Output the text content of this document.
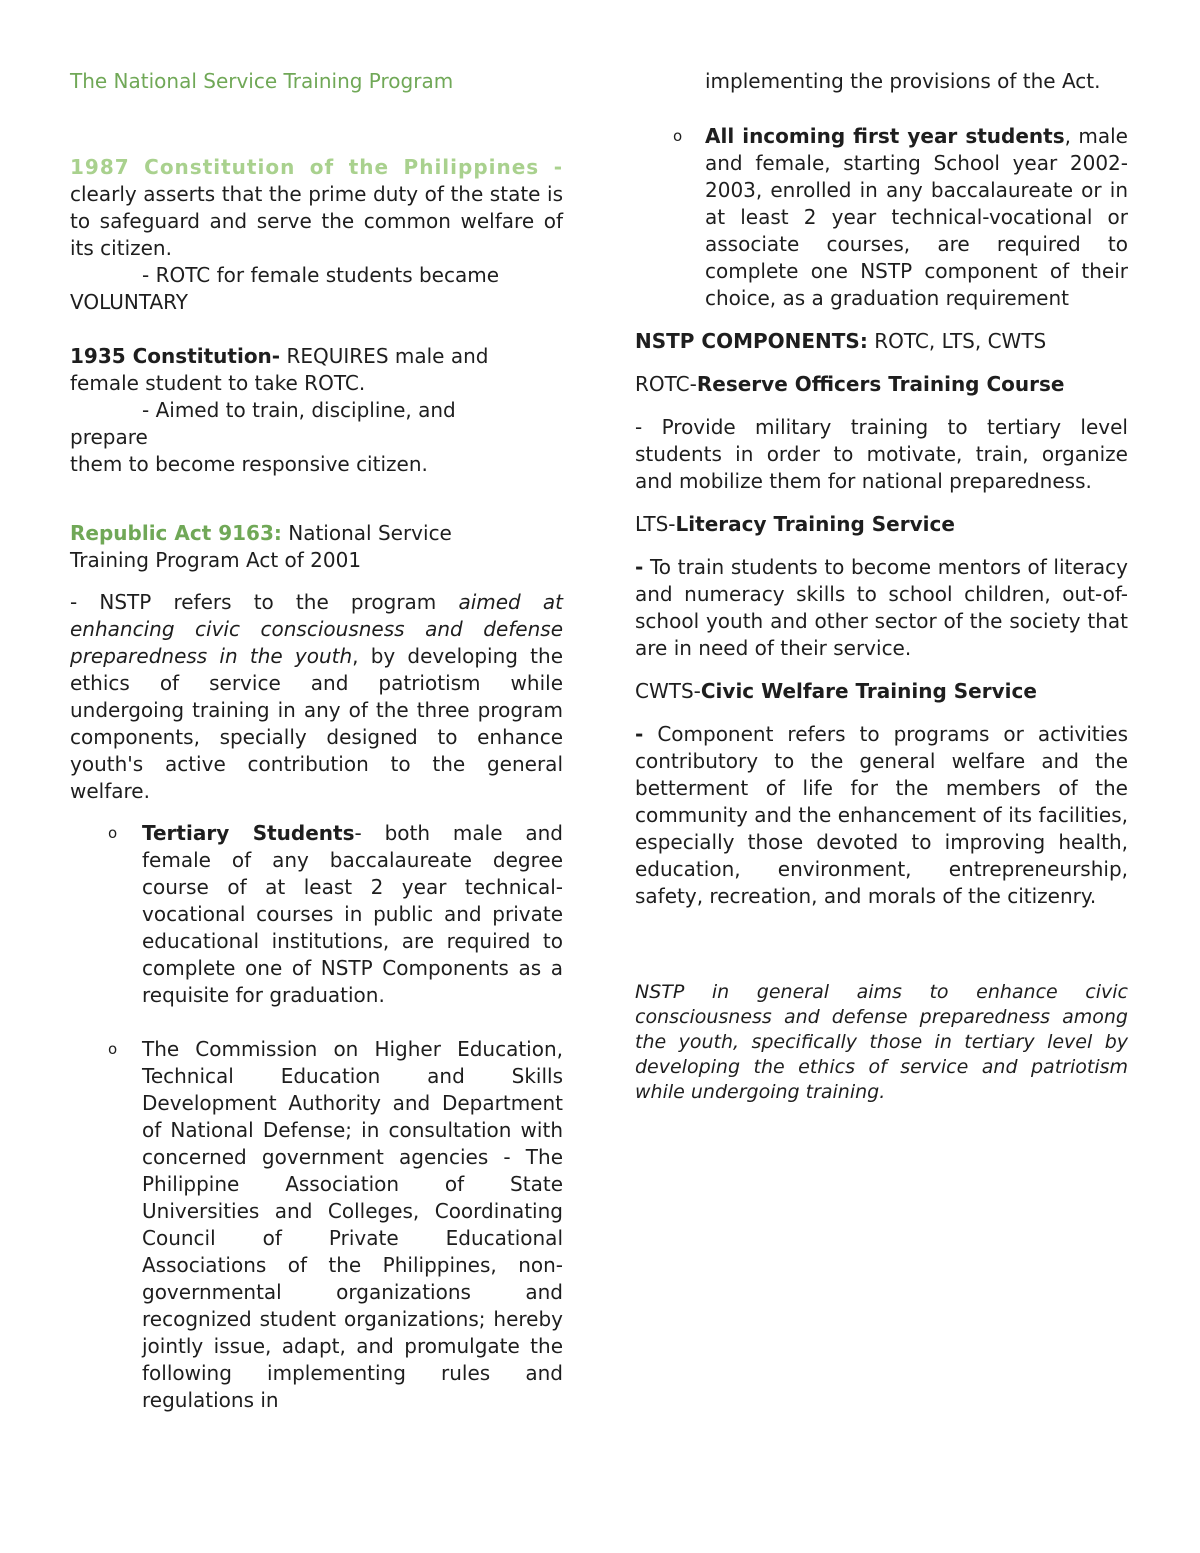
The National Service Training Program

1987 Constitution of the Philippines - clearly asserts that the prime duty of the state is to safeguard and serve the common welfare of its citizen.

- ROTC for female students became

VOLUNTARY

1935 Constitution- REQUIRES male and female student to take ROTC.

- Aimed to train, discipline, and

prepare

them to become responsive citizen.

Republic Act 9163: National Service

Training Program Act of 2001

- NSTP refers to the program aimed at enhancing civic consciousness and defense preparedness in the youth, by developing the ethics of service and patriotism while undergoing training in any of the three program components, specially designed to enhance youth's active contribution to the general welfare.

o Tertiary Students- both male and female of any baccalaureate degree course of at least 2 year technical-vocational courses in public and private educational institutions, are required to complete one of NSTP Components as a requisite for graduation.

o The Commission on Higher Education, Technical Education and Skills Development Authority and Department of National Defense; in consultation with concerned government agencies - The Philippine Association of State Universities and Colleges, Coordinating Council of Private Educational Associations of the Philippines, non- governmental organizations and recognized student organizations; hereby jointly issue, adapt, and promulgate the following implementing rules and regulations in

implementing the provisions of the Act.

o All incoming first year students, male and female, starting School year 2002-2003, enrolled in any baccalaureate or in at least 2 year technical-vocational or associate courses, are required to complete one NSTP component of their choice, as a graduation requirement

NSTP COMPONENTS: ROTC, LTS, CWTS

ROTC-Reserve Officers Training Course

- Provide military training to tertiary level students in order to motivate, train, organize and mobilize them for national preparedness.

LTS-Literacy Training Service

- To train students to become mentors of literacy and numeracy skills to school children, out-of-school youth and other sector of the society that are in need of their service.

CWTS-Civic Welfare Training Service

- Component refers to programs or activities contributory to the general welfare and the betterment of life for the members of the community and the enhancement of its facilities, especially those devoted to improving health, education, environment, entrepreneurship, safety, recreation, and morals of the citizenry.

NSTP in general aims to enhance civic consciousness and defense preparedness among the youth, specifically those in tertiary level by developing the ethics of service and patriotism while undergoing training.
